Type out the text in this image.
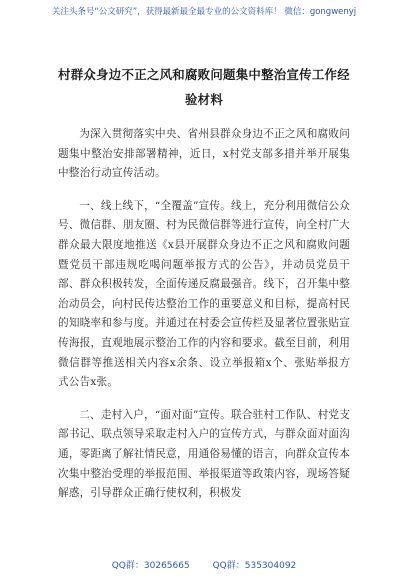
关注头条号“公文研究”，获得最新最全最专业的公文资料库！ 微信：gongwenyj
村群众身边不正之风和腐败问题集中整治宣传工作经验材料

为深入贯彻落实中央、省州县群众身边不正之风和腐败问题集中整治安排部署精神，近日，x村党支部多措并举开展集中整治行动宣传活动。

一、线上线下，“全覆盖”宣传。线上，充分利用微信公众号、微信群、朋友圈、村为民微信群等进行宣传，向全村广大群众最大限度地推送《x县开展群众身边不正之风和腐败问题暨党员干部违规吃喝问题举报方式的公告》，并动员党员干部、群众积极转发，全面传递反腐最强音。线下，召开集中整治动员会，向村民传达整治工作的重要意义和目标，提高村民的知晓率和参与度。并通过在村委会宣传栏及显著位置张贴宣传海报，直观地展示整治工作的内容和要求。截至目前，利用微信群等推送相关内容x余条、设立举报箱x个、张贴举报方式公告x张。

二、走村入户，“面对面”宣传。联合驻村工作队、村党支部书记、联点领导采取走村入户的宣传方式，与群众面对面沟通，零距离了解社情民意，用通俗易懂的语言，向群众宣传本次集中整治受理的举报范围、举报渠道等政策内容，现场答疑解惑，引导群众正确行使权利，积极发

QQ群：30265665	QQ群：535304092
